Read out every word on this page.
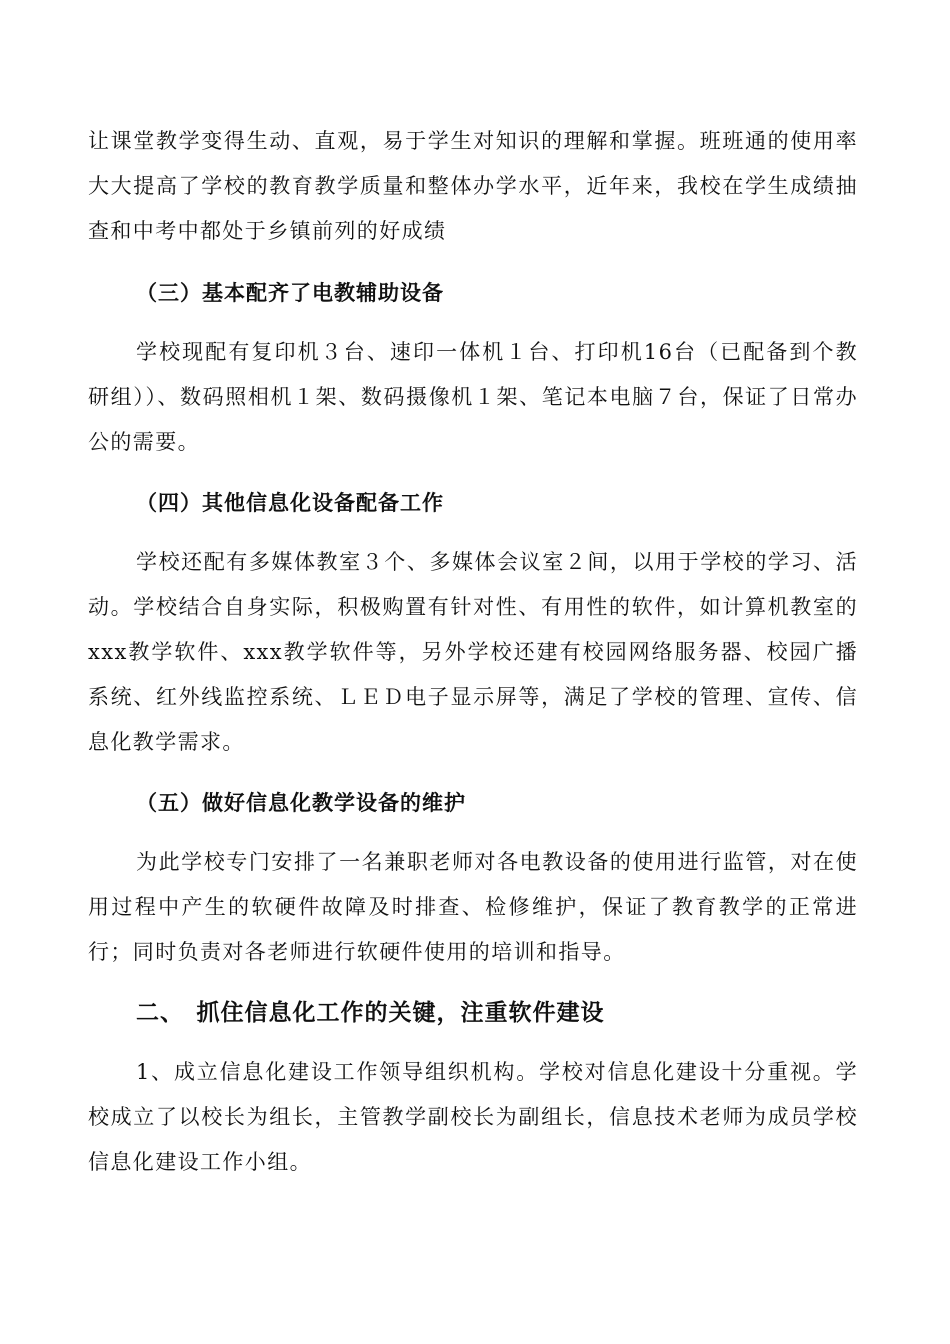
让课堂教学变得生动、直观，易于学生对知识的理解和掌握。班班通的使用率大大提高了学校的教育教学质量和整体办学水平，近年来，我校在学生成绩抽查和中考中都处于乡镇前列的好成绩
（三）基本配齐了电教辅助设备
学校现配有复印机３台、速印一体机１台、打印机16台（已配备到个教研组））、数码照相机１架、数码摄像机１架、笔记本电脑７台，保证了日常办公的需要。
（四）其他信息化设备配备工作
学校还配有多媒体教室３个、多媒体会议室２间，以用于学校的学习、活动。学校结合自身实际，积极购置有针对性、有用性的软件，如计算机教室的xxx教学软件、xxx教学软件等，另外学校还建有校园网络服务器、校园广播系统、红外线监控系统、ＬＥＤ电子显示屏等，满足了学校的管理、宣传、信息化教学需求。
（五）做好信息化教学设备的维护
为此学校专门安排了一名兼职老师对各电教设备的使用进行监管，对在使用过程中产生的软硬件故障及时排查、检修维护，保证了教育教学的正常进行；同时负责对各老师进行软硬件使用的培训和指导。
二、　抓住信息化工作的关键，注重软件建设
1、成立信息化建设工作领导组织机构。学校对信息化建设十分重视。学校成立了以校长为组长，主管教学副校长为副组长，信息技术老师为成员学校信息化建设工作小组。
